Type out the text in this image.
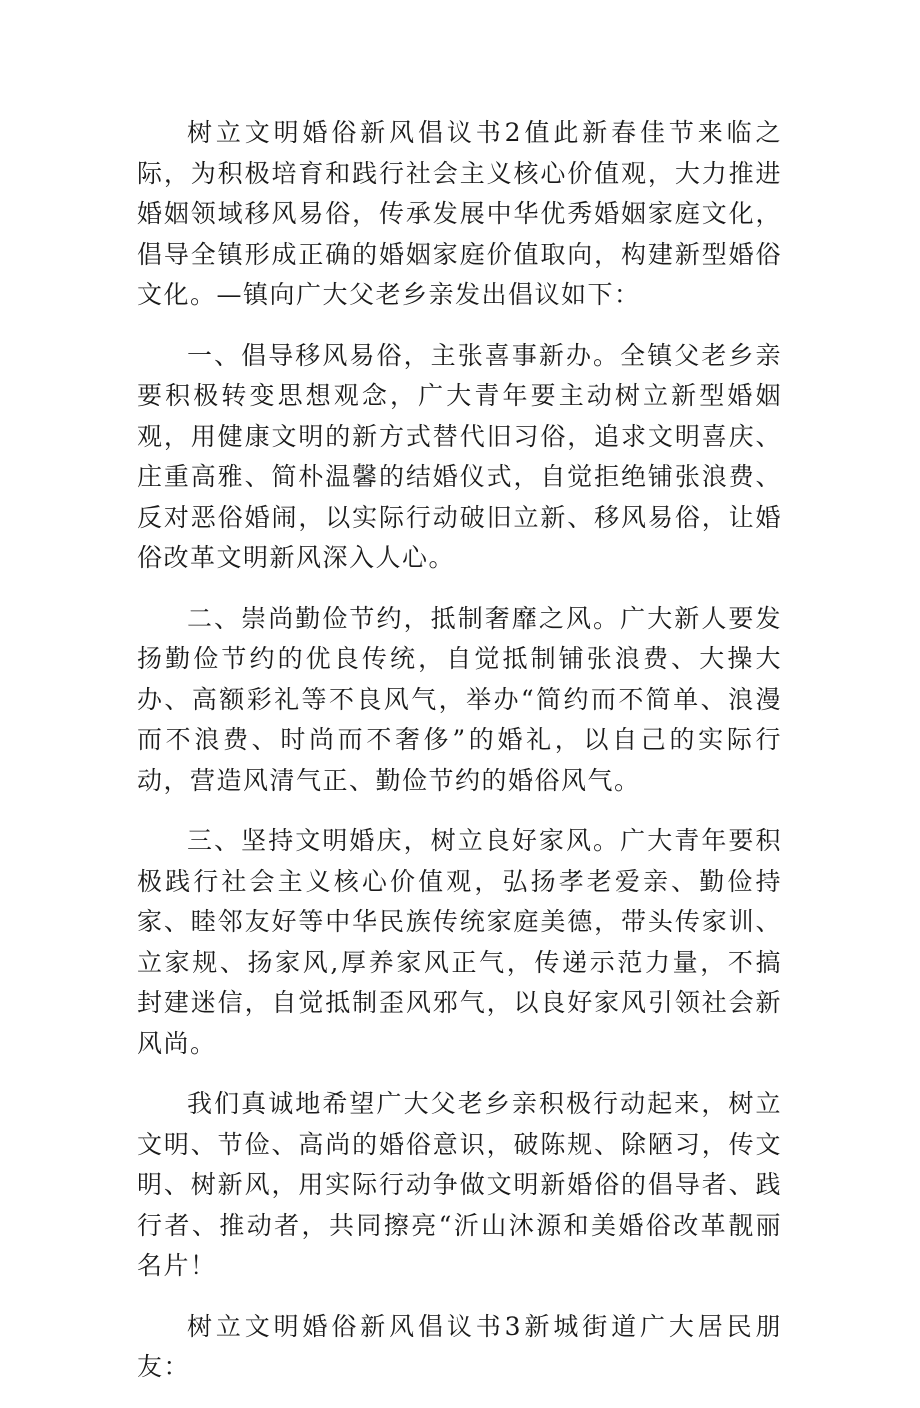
树立文明婚俗新风倡议书2值此新春佳节来临之际，为积极培育和践行社会主义核心价值观，大力推进婚姻领域移风易俗，传承发展中华优秀婚姻家庭文化，倡导全镇形成正确的婚姻家庭价值取向，构建新型婚俗文化。—镇向广大父老乡亲发出倡议如下：

一、倡导移风易俗，主张喜事新办。全镇父老乡亲要积极转变思想观念，广大青年要主动树立新型婚姻观，用健康文明的新方式替代旧习俗，追求文明喜庆、庄重高雅、简朴温馨的结婚仪式，自觉拒绝铺张浪费、反对恶俗婚闹，以实际行动破旧立新、移风易俗，让婚俗改革文明新风深入人心。

二、崇尚勤俭节约，抵制奢靡之风。广大新人要发扬勤俭节约的优良传统，自觉抵制铺张浪费、大操大办、高额彩礼等不良风气，举办“简约而不简单、浪漫而不浪费、时尚而不奢侈”的婚礼，以自己的实际行动，营造风清气正、勤俭节约的婚俗风气。

三、坚持文明婚庆，树立良好家风。广大青年要积极践行社会主义核心价值观，弘扬孝老爱亲、勤俭持家、睦邻友好等中华民族传统家庭美德，带头传家训、立家规、扬家风,厚养家风正气，传递示范力量，不搞封建迷信，自觉抵制歪风邪气，以良好家风引领社会新风尚。

我们真诚地希望广大父老乡亲积极行动起来，树立文明、节俭、高尚的婚俗意识，破陈规、除陋习，传文明、树新风，用实际行动争做文明新婚俗的倡导者、践行者、推动者，共同擦亮“沂山沐源和美婚俗改革靓丽名片！

树立文明婚俗新风倡议书3新城街道广大居民朋友：
